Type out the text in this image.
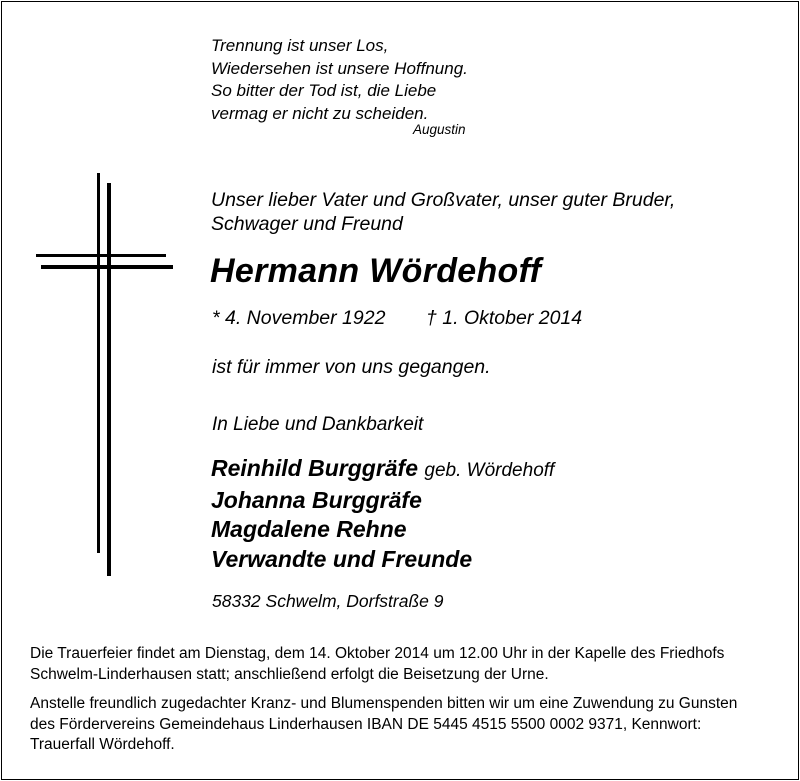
Trennung ist unser Los,
Wiedersehen ist unsere Hoffnung.
So bitter der Tod ist, die Liebe
vermag er nicht zu scheiden.
Augustin
Unser lieber Vater und Großvater, unser guter Bruder,
Schwager und Freund
Hermann Wördehoff
* 4. November 1922 † 1. Oktober 2014
ist für immer von uns gegangen.
In Liebe und Dankbarkeit
Reinhild Burggräfe geb. Wördehoff
Johanna Burggräfe
Magdalene Rehne
Verwandte und Freunde
58332 Schwelm, Dorfstraße 9
Die Trauerfeier findet am Dienstag, dem 14. Oktober 2014 um 12.00 Uhr in der Kapelle des Friedhofs
Schwelm-Linderhausen statt; anschließend erfolgt die Beisetzung der Urne.
Anstelle freundlich zugedachter Kranz- und Blumenspenden bitten wir um eine Zuwendung zu Gunsten
des Fördervereins Gemeindehaus Linderhausen IBAN DE 5445 4515 5500 0002 9371, Kennwort:
Trauerfall Wördehoff.
